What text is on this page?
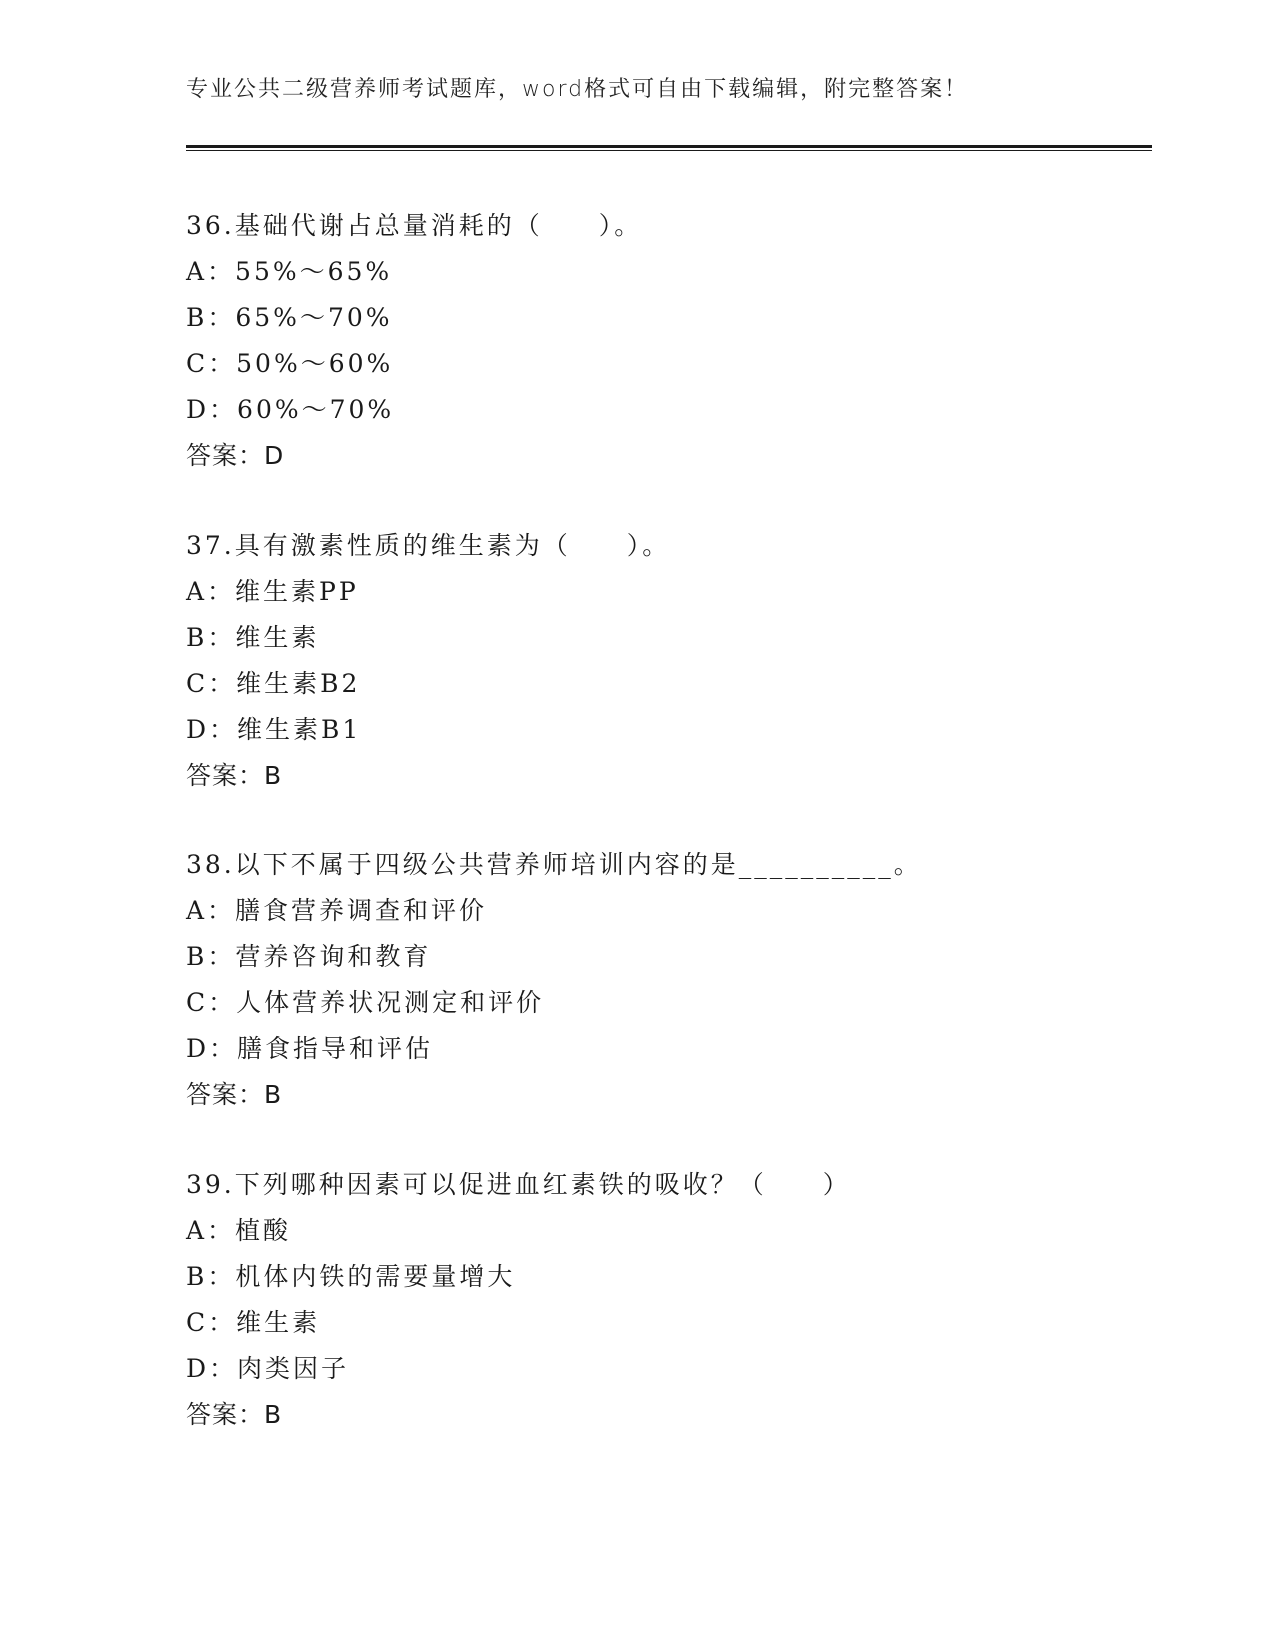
专业公共二级营养师考试题库，word格式可自由下载编辑，附完整答案！
36.基础代谢占总量消耗的（　　）。
A：55%～65%
B：65%～70%
C：50%～60%
D：60%～70%
答案：D
37.具有激素性质的维生素为（　　）。
A：维生素PP
B：维生素
C：维生素B2
D：维生素B1
答案：B
38.以下不属于四级公共营养师培训内容的是__________。
A：膳食营养调查和评价
B：营养咨询和教育
C：人体营养状况测定和评价
D：膳食指导和评估
答案：B
39.下列哪种因素可以促进血红素铁的吸收？（　　）
A：植酸
B：机体内铁的需要量增大
C：维生素
D：肉类因子
答案：B
